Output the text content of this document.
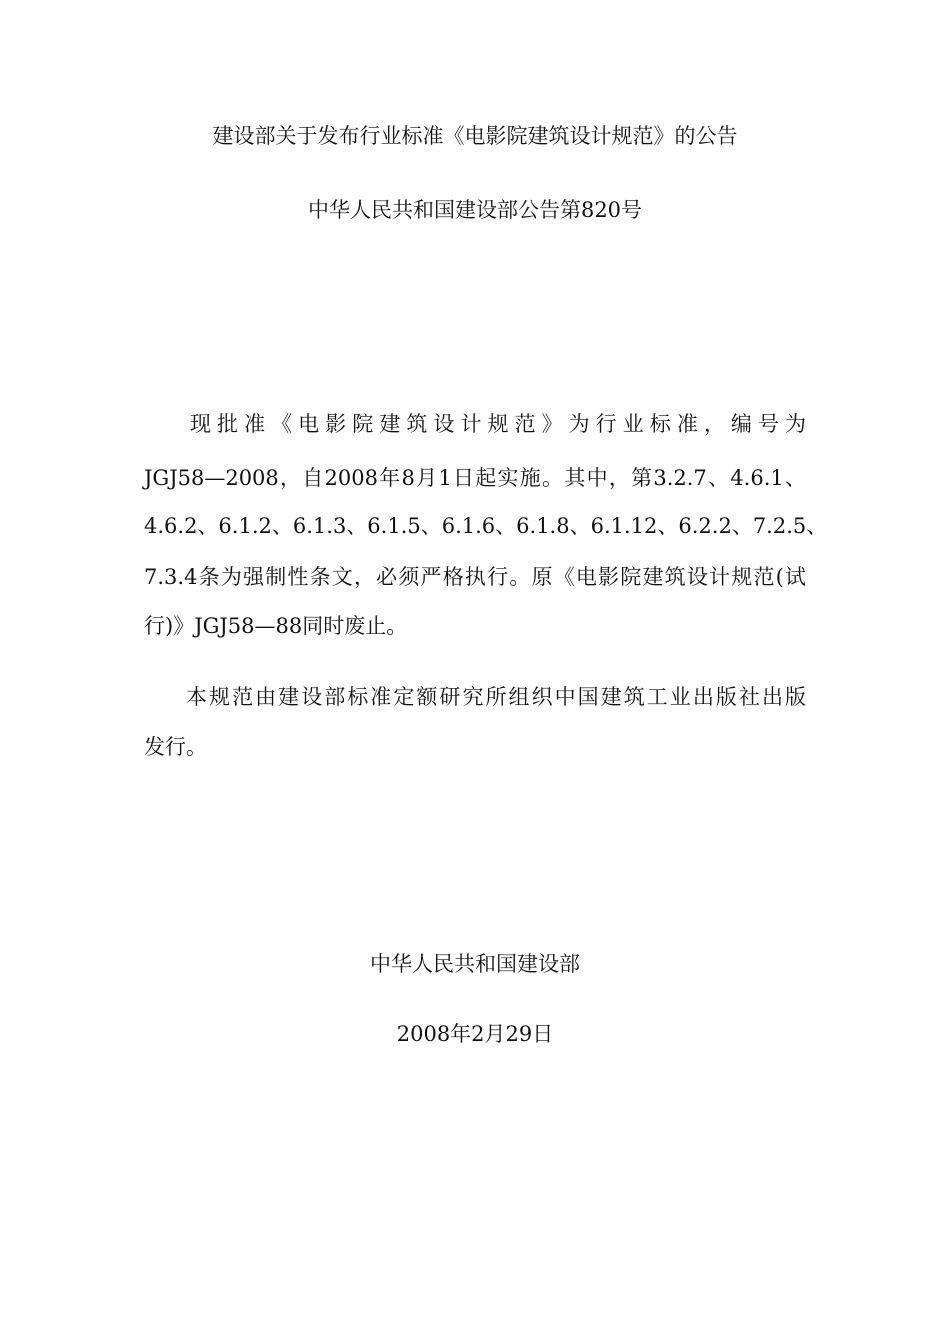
建设部关于发布行业标准《电影院建筑设计规范》的公告
中华人民共和国建设部公告第820号
现批准《电影院建筑设计规范》为行业标准，编号为
JGJ58—2008，自2008年8月1日起实施。其中，第3.2.7、4.6.1、
4.6.2、6.1.2、6.1.3、6.1.5、6.1.6、6.1.8、6.1.12、6.2.2、7.2.5、
7.3.4条为强制性条文，必须严格执行。原《电影院建筑设计规范(试
行)》JGJ58—88同时废止。
本规范由建设部标准定额研究所组织中国建筑工业出版社出版
发行。
中华人民共和国建设部
2008年2月29日
